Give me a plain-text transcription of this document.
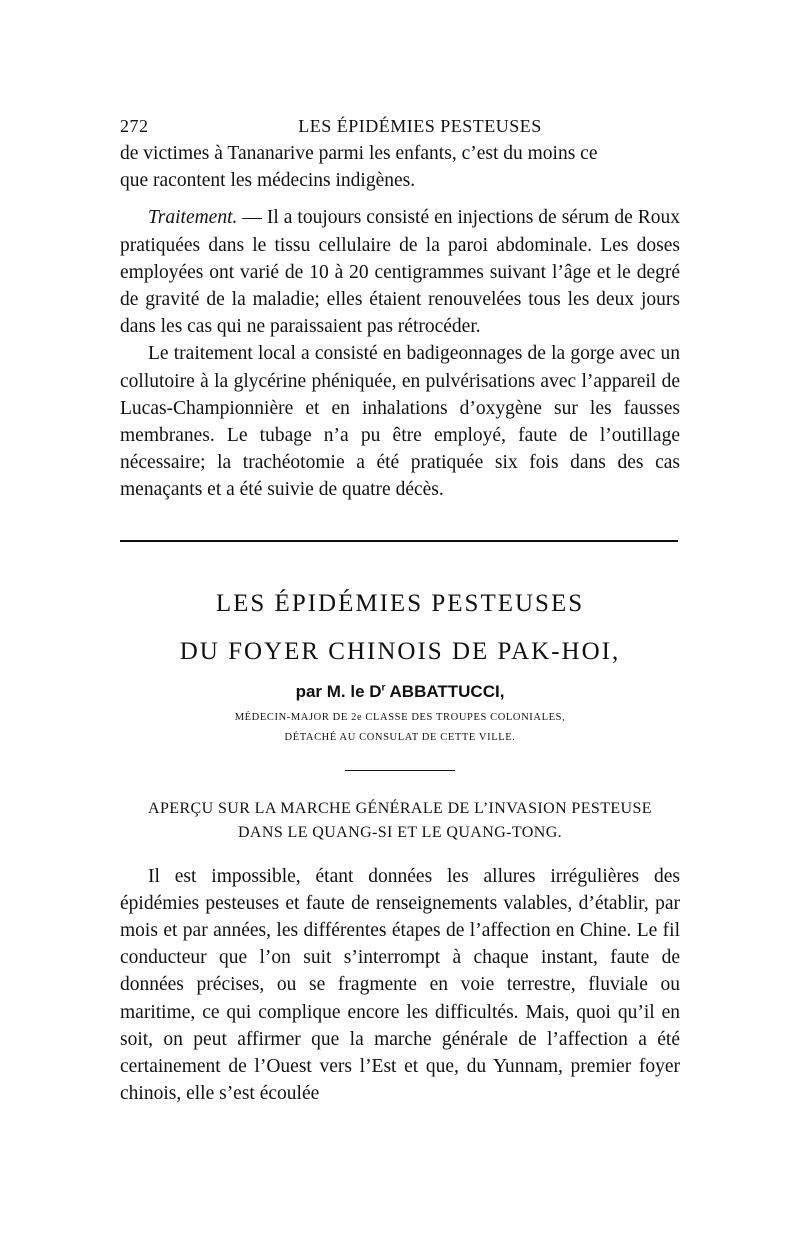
272	LES ÉPIDÉMIES PESTEUSES

de victimes à Tananarive parmi les enfants, c’est du moins ce

que racontent les médecins indigènes.

Traitement. — Il a toujours consisté en injections de sérum de Roux pratiquées dans le tissu cellulaire de la paroi abdominale. Les doses employées ont varié de 10 à 20 centigrammes suivant l’âge et le degré de gravité de la maladie; elles étaient renouvelées tous les deux jours dans les cas qui ne paraissaient pas rétrocéder.

Le traitement local a consisté en badigeonnages de la gorge avec un collutoire à la glycérine phéniquée, en pulvérisations avec l’appareil de Lucas-Championnière et en inhalations d’oxygène sur les fausses membranes. Le tubage n’a pu être employé, faute de l’outillage nécessaire; la trachéotomie a été pratiquée six fois dans des cas menaçants et a été suivie de quatre décès.

LES ÉPIDÉMIES PESTEUSES
DU FOYER CHINOIS DE PAK-HOI,
par M. le $D^r$ ABBATTUCCI,
MÉDECIN-MAJOR DE 2e CLASSE DES TROUPES COLONIALES,
DÉTACHÉ AU CONSULAT DE CETTE VILLE.
APERÇU SUR LA MARCHE GÉNÉRALE DE L’INVASION PESTEUSE
DANS LE QUANG-SI ET LE QUANG-TONG.

Il est impossible, étant données les allures irrégulières des épidémies pesteuses et faute de renseignements valables, d’établir, par mois et par années, les différentes étapes de l’affection en Chine. Le fil conducteur que l’on suit s’interrompt à chaque instant, faute de données précises, ou se fragmente en voie terrestre, fluviale ou maritime, ce qui complique encore les difficultés. Mais, quoi qu’il en soit, on peut affirmer que la marche générale de l’affection a été certainement de l’Ouest vers l’Est et que, du Yunnam, premier foyer chinois, elle s’est écoulée
